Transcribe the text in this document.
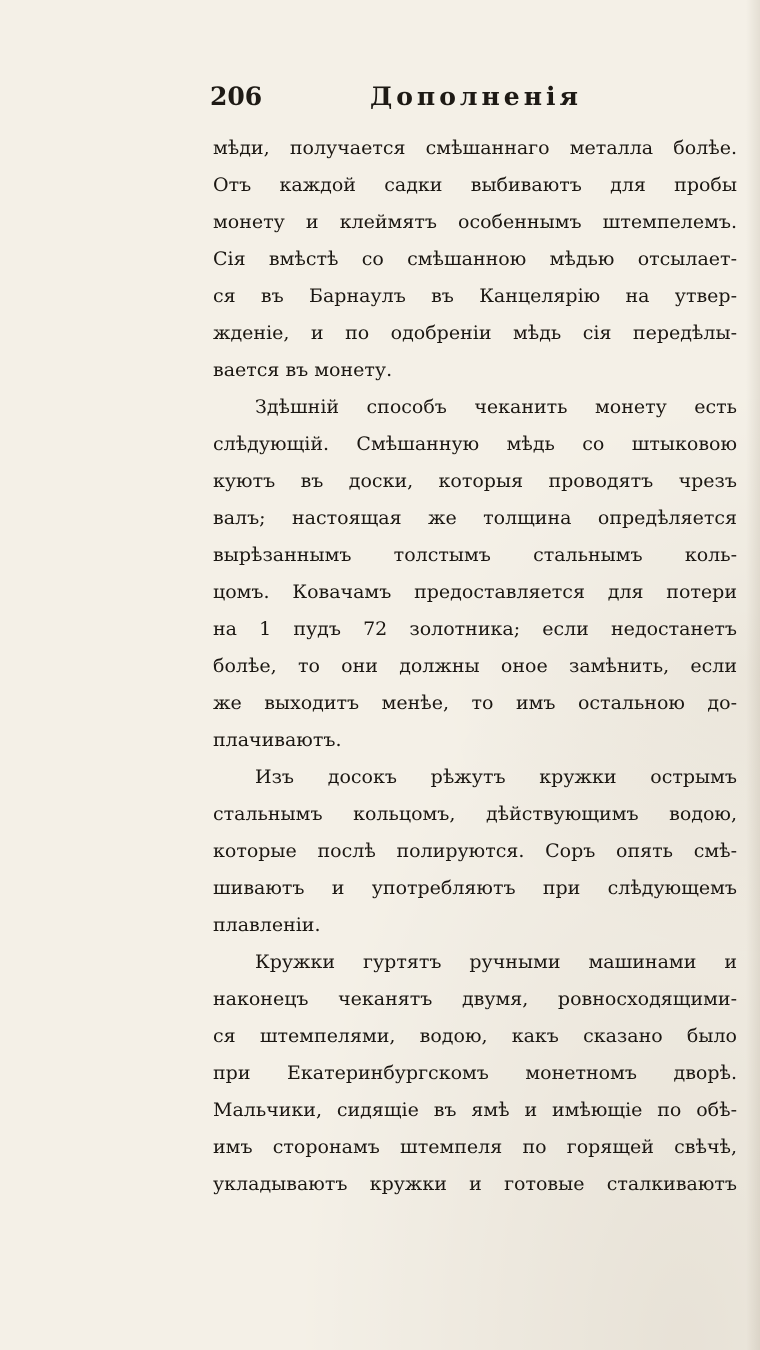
206	Дополненія
мѣди, получается смѣшаннаго металла болѣе.
Отъ каждой садки выбиваютъ для пробы
монету и клеймятъ особеннымъ штемпелемъ.
Сія вмѣстѣ со смѣшанною мѣдью отсылает-
ся въ Барнаулъ въ Канцелярію на утвер-
жденіе, и по одобреніи мѣдь сія передѣлы-
вается въ монету.
Здѣшній способъ чеканить монету есть
слѣдующій. Смѣшанную мѣдь со штыковою
куютъ въ доски, которыя проводятъ чрезъ
валъ; настоящая же толщина опредѣляется
вырѣзаннымъ толстымъ стальнымъ коль-
цомъ. Ковачамъ предоставляется для потери
на 1 пудъ 72 золотника; если недостанетъ
болѣе, то они должны оное замѣнить, если
же выходитъ менѣе, то имъ остальною до-
плачиваютъ.
Изъ досокъ рѣжутъ кружки острымъ
стальнымъ кольцомъ, дѣйствующимъ водою,
которые послѣ полируются. Соръ опять смѣ-
шиваютъ и употребляютъ при слѣдующемъ
плавленіи.
Кружки гуртятъ ручными машинами и
наконецъ чеканятъ двумя, ровносходящими-
ся штемпелями, водою, какъ сказано было
при Екатеринбургскомъ монетномъ дворѣ.
Мальчики, сидящіе въ ямѣ и имѣющіе по обѣ-
имъ сторонамъ штемпеля по горящей свѣчѣ,
укладываютъ кружки и готовые сталкиваютъ
